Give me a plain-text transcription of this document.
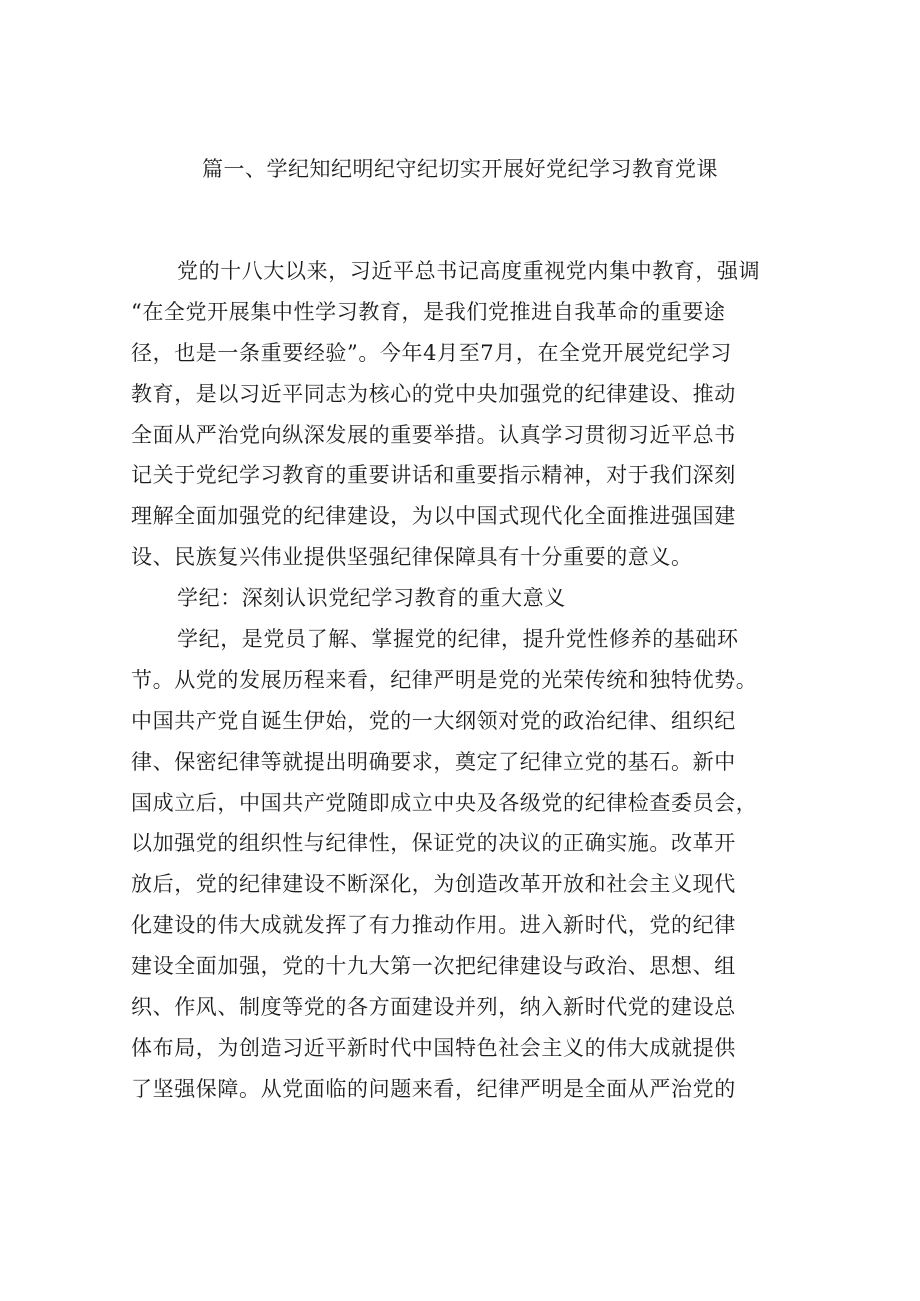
篇一、学纪知纪明纪守纪切实开展好党纪学习教育党课
党的十八大以来，习近平总书记高度重视党内集中教育，强调
“在全党开展集中性学习教育，是我们党推进自我革命的重要途
径，也是一条重要经验”。今年4月至7月，在全党开展党纪学习
教育，是以习近平同志为核心的党中央加强党的纪律建设、推动
全面从严治党向纵深发展的重要举措。认真学习贯彻习近平总书
记关于党纪学习教育的重要讲话和重要指示精神，对于我们深刻
理解全面加强党的纪律建设，为以中国式现代化全面推进强国建
设、民族复兴伟业提供坚强纪律保障具有十分重要的意义。
学纪：深刻认识党纪学习教育的重大意义
学纪，是党员了解、掌握党的纪律，提升党性修养的基础环
节。从党的发展历程来看，纪律严明是党的光荣传统和独特优势。
中国共产党自诞生伊始，党的一大纲领对党的政治纪律、组织纪
律、保密纪律等就提出明确要求，奠定了纪律立党的基石。新中
国成立后，中国共产党随即成立中央及各级党的纪律检查委员会，
以加强党的组织性与纪律性，保证党的决议的正确实施。改革开
放后，党的纪律建设不断深化，为创造改革开放和社会主义现代
化建设的伟大成就发挥了有力推动作用。进入新时代，党的纪律
建设全面加强，党的十九大第一次把纪律建设与政治、思想、组
织、作风、制度等党的各方面建设并列，纳入新时代党的建设总
体布局，为创造习近平新时代中国特色社会主义的伟大成就提供
了坚强保障。从党面临的问题来看，纪律严明是全面从严治党的
